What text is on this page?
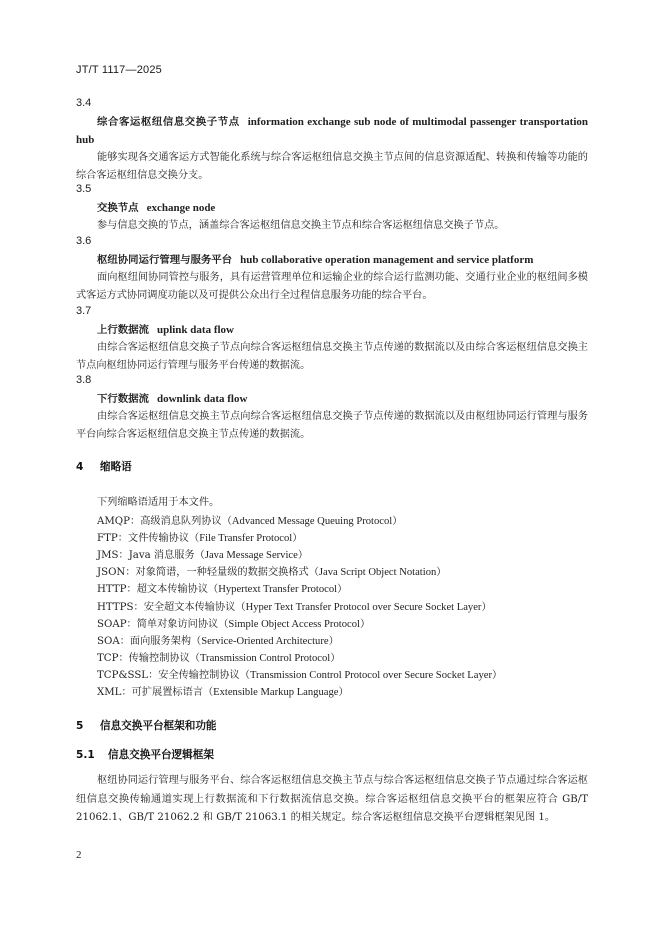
JT/T 1117—2025
3.4
综合客运枢纽信息交换子节点 information exchange sub node of multimodal passenger transportation hub
能够实现各交通客运方式智能化系统与综合客运枢纽信息交换主节点间的信息资源适配、转换和传输等功能的综合客运枢纽信息交换分支。
3.5
交换节点 exchange node
参与信息交换的节点，涵盖综合客运枢纽信息交换主节点和综合客运枢纽信息交换子节点。
3.6
枢纽协同运行管理与服务平台 hub collaborative operation management and service platform
面向枢纽间协同管控与服务，具有运营管理单位和运输企业的综合运行监测功能、交通行业企业的枢纽间多模式客运方式协同调度功能以及可提供公众出行全过程信息服务功能的综合平台。
3.7
上行数据流 uplink data flow
由综合客运枢纽信息交换子节点向综合客运枢纽信息交换主节点传递的数据流以及由综合客运枢纽信息交换主节点向枢纽协同运行管理与服务平台传递的数据流。
3.8
下行数据流 downlink data flow
由综合客运枢纽信息交换主节点向综合客运枢纽信息交换子节点传递的数据流以及由枢纽协同运行管理与服务平台向综合客运枢纽信息交换主节点传递的数据流。
4 缩略语
下列缩略语适用于本文件。
AMQP：高级消息队列协议（Advanced Message Queuing Protocol）
FTP：文件传输协议（File Transfer Protocol）
JMS：Java 消息服务（Java Message Service）
JSON：对象简谱，一种轻量级的数据交换格式（Java Script Object Notation）
HTTP：超文本传输协议（Hypertext Transfer Protocol）
HTTPS：安全超文本传输协议（Hyper Text Transfer Protocol over Secure Socket Layer）
SOAP：简单对象访问协议（Simple Object Access Protocol）
SOA：面向服务架构（Service-Oriented Architecture）
TCP：传输控制协议（Transmission Control Protocol）
TCP&SSL：安全传输控制协议（Transmission Control Protocol over Secure Socket Layer）
XML：可扩展置标语言（Extensible Markup Language）
5 信息交换平台框架和功能
5.1 信息交换平台逻辑框架
枢纽协同运行管理与服务平台、综合客运枢纽信息交换主节点与综合客运枢纽信息交换子节点通过综合客运枢纽信息交换传输通道实现上行数据流和下行数据流信息交换。综合客运枢纽信息交换平台的框架应符合 GB/T 21062.1、GB/T 21062.2 和 GB/T 21063.1 的相关规定。综合客运枢纽信息交换平台逻辑框架见图 1。
2
